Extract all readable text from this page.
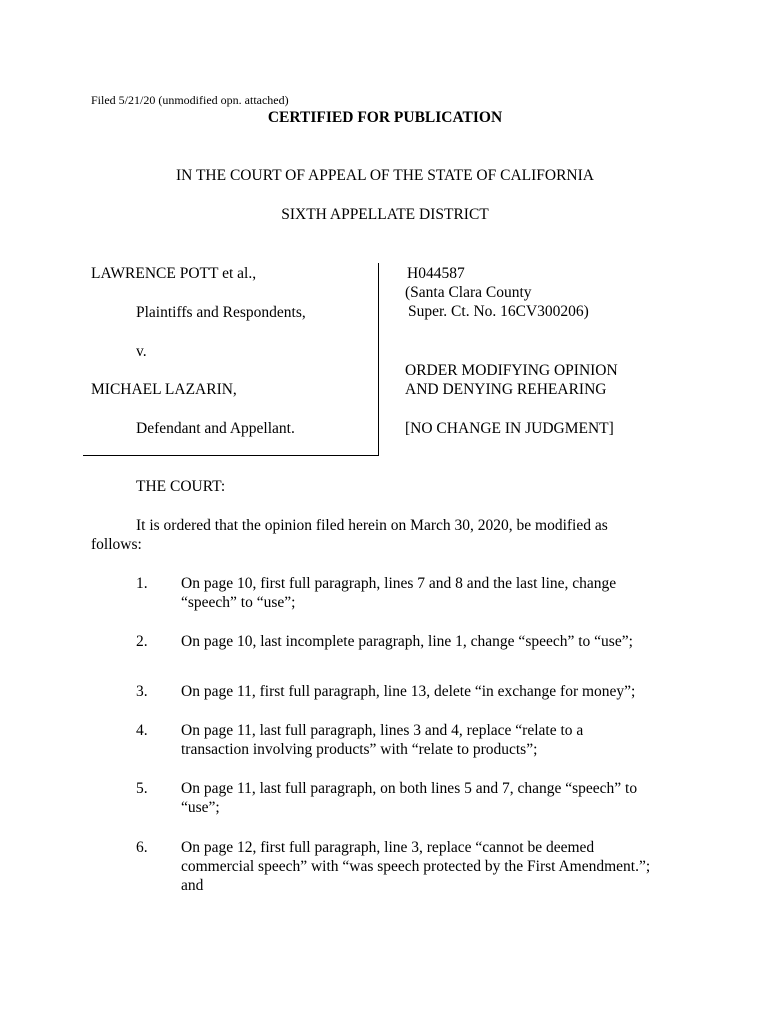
Filed 5/21/20 (unmodified opn. attached)
CERTIFIED FOR PUBLICATION
IN THE COURT OF APPEAL OF THE STATE OF CALIFORNIA
SIXTH APPELLATE DISTRICT
LAWRENCE POTT et al.,
Plaintiffs and Respondents,
v.
MICHAEL LAZARIN,
Defendant and Appellant.
H044587
(Santa Clara County
Super. Ct. No. 16CV300206)
ORDER MODIFYING OPINION
AND DENYING REHEARING
[NO CHANGE IN JUDGMENT]
THE COURT:
It is ordered that the opinion filed herein on March 30, 2020, be modified as
follows:
1. On page 10, first full paragraph, lines 7 and 8 and the last line, change “speech” to “use”;
2. On page 10, last incomplete paragraph, line 1, change “speech” to “use”;
3. On page 11, first full paragraph, line 13, delete “in exchange for money”;
4. On page 11, last full paragraph, lines 3 and 4, replace “relate to a transaction involving products” with “relate to products”;
5. On page 11, last full paragraph, on both lines 5 and 7, change “speech” to “use”;
6. On page 12, first full paragraph, line 3, replace “cannot be deemed commercial speech” with “was speech protected by the First Amendment.”; and
